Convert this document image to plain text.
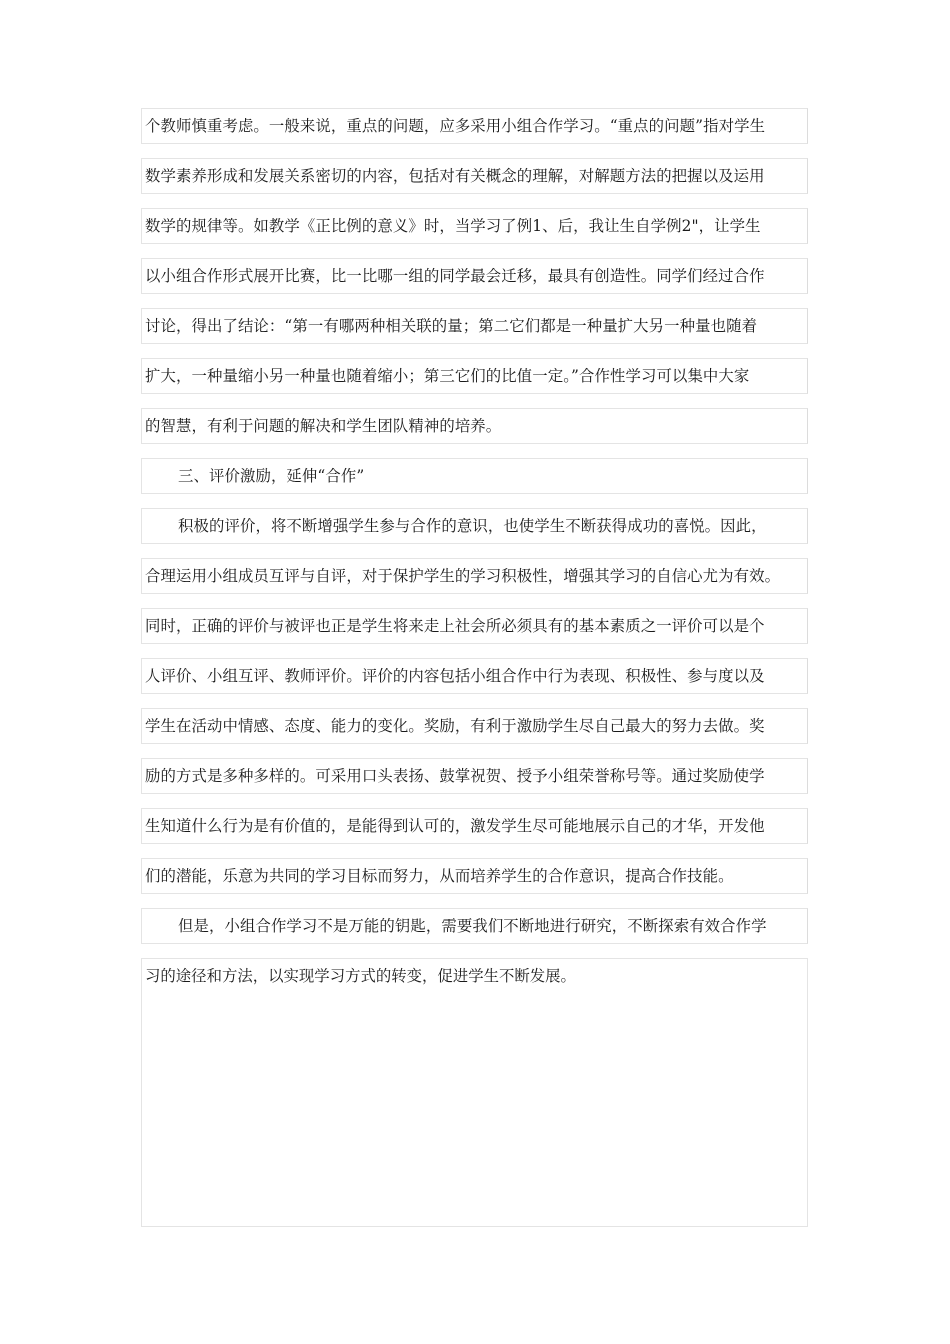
个教师慎重考虑。一般来说，重点的问题，应多采用小组合作学习。“重点的问题”指对学生
数学素养形成和发展关系密切的内容，包括对有关概念的理解，对解题方法的把握以及运用
数学的规律等。如教学《正比例的意义》时，当学习了例1、后，我让生自学例2"，让学生
以小组合作形式展开比赛，比一比哪一组的同学最会迁移，最具有创造性。同学们经过合作
讨论，得出了结论：“第一有哪两种相关联的量；第二它们都是一种量扩大另一种量也随着
扩大，一种量缩小另一种量也随着缩小；第三它们的比值一定。”合作性学习可以集中大家
的智慧，有利于问题的解决和学生团队精神的培养。
三、评价激励，延伸“合作”
积极的评价，将不断增强学生参与合作的意识，也使学生不断获得成功的喜悦。因此，
合理运用小组成员互评与自评，对于保护学生的学习积极性，增强其学习的自信心尤为有效。
同时，正确的评价与被评也正是学生将来走上社会所必须具有的基本素质之一评价可以是个
人评价、小组互评、教师评价。评价的内容包括小组合作中行为表现、积极性、参与度以及
学生在活动中情感、态度、能力的变化。奖励，有利于激励学生尽自己最大的努力去做。奖
励的方式是多种多样的。可采用口头表扬、鼓掌祝贺、授予小组荣誉称号等。通过奖励使学
生知道什么行为是有价值的，是能得到认可的，激发学生尽可能地展示自己的才华，开发他
们的潜能，乐意为共同的学习目标而努力，从而培养学生的合作意识，提高合作技能。
但是，小组合作学习不是万能的钥匙，需要我们不断地进行研究，不断探索有效合作学
习的途径和方法，以实现学习方式的转变，促进学生不断发展。
